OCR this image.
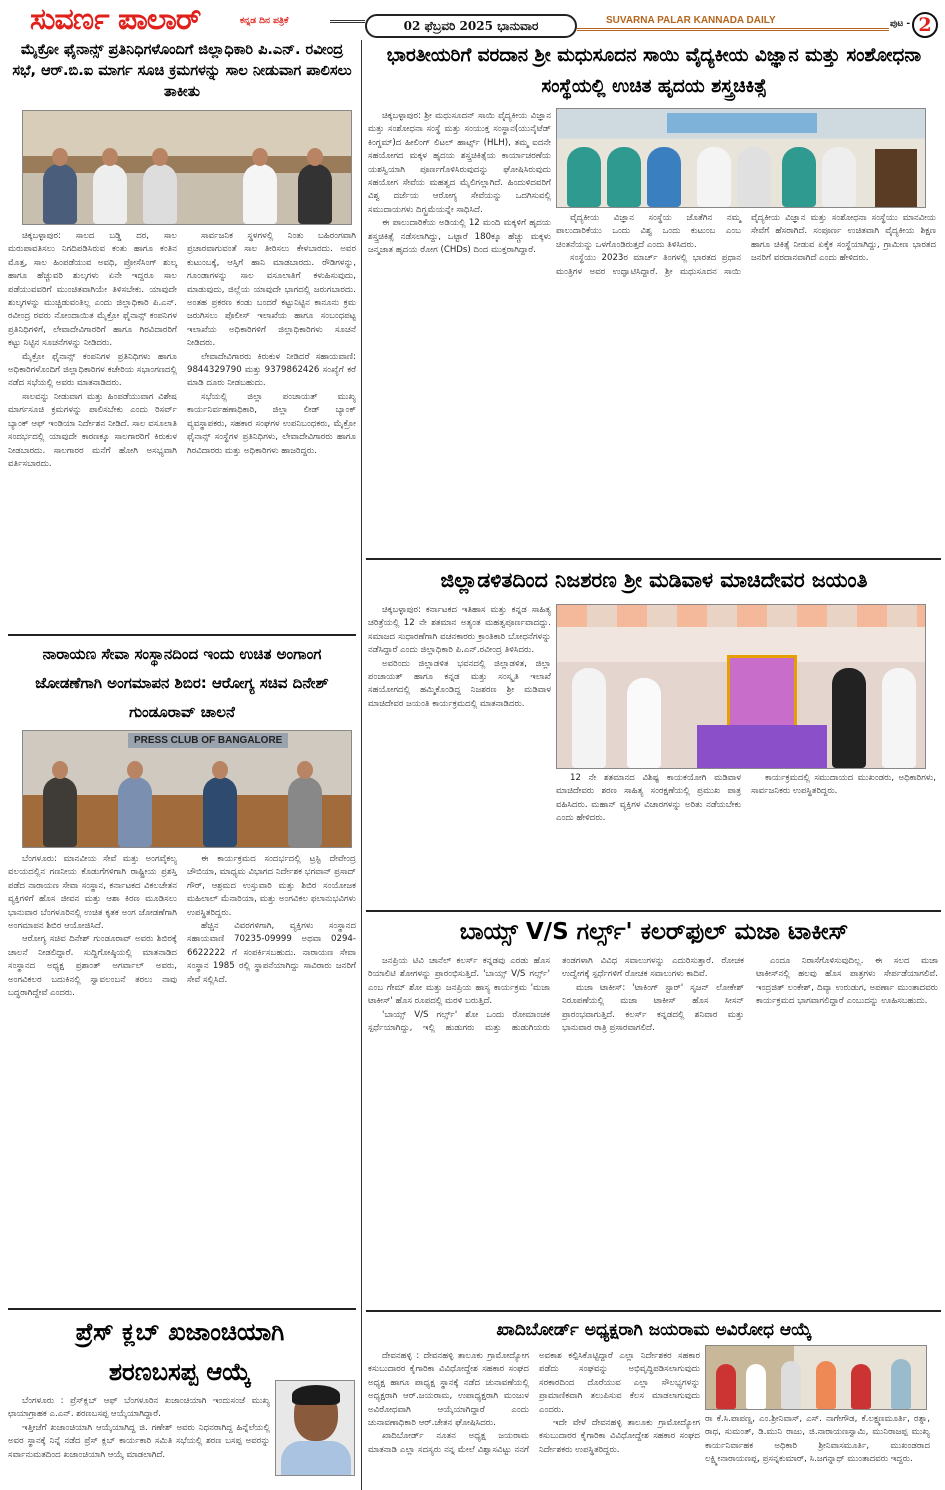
ಸುವರ್ಣ ಪಾಲಾರ್	ಕನ್ನಡ ದಿನ ಪತ್ರಿಕೆ	02 ಫೆಬ್ರವರಿ 2025 ಭಾನುವಾರ	SUVARNA PALAR KANNADA DAILY	ಪುಟ - 2
ಮೈಕ್ರೋ ಫೈನಾನ್ಸ್ ಪ್ರತಿನಿಧಿಗಳೊಂದಿಗೆ ಜಿಲ್ಲಾಧಿಕಾರಿ ಪಿ.ಎನ್. ರವೀಂದ್ರ ಸಭೆ, ಆರ್.ಬಿ.ಐ ಮಾರ್ಗ ಸೂಚಿ ಕ್ರಮಗಳನ್ನು ಸಾಲ ನೀಡುವಾಗ ಪಾಲಿಸಲು ತಾಕೀತು

ಚಿಕ್ಕಬಳ್ಳಾಪುರ: ಸಾಲದ ಬಡ್ಡಿ ದರ, ಸಾಲ ಮರುಪಾವತಿಸಲು ನಿಗದಿಪಡಿಸಿರುವ ಕಂತು ಹಾಗೂ ಕಂತಿನ ಮೊತ್ತ, ಸಾಲ ಹಿಂಪಡೆಯುವ ಅವಧಿ, ಪ್ರೋಸೆಸಿಂಗ್ ಶುಲ್ಕ ಹಾಗೂ ಹೆಚ್ಚುವರಿ ಶುಲ್ಕಗಳು ಏನೇ ಇದ್ದರೂ ಸಾಲ ಪಡೆಯುವವರಿಗೆ ಮುಂಚಿತವಾಗಿಯೇ ತಿಳಿಸಬೇಕು. ಯಾವುದೇ ಶುಲ್ಕಗಳನ್ನು ಮುಚ್ಚಿಡುವಂತಿಲ್ಲ ಎಂದು ಜಿಲ್ಲಾಧಿಕಾರಿ ಪಿ.ಎನ್. ರವೀಂದ್ರ ರವರು ನೋಂದಾಯಿತ ಮೈಕ್ರೋ ಫೈನಾನ್ಸ್ ಕಂಪನಿಗಳ ಪ್ರತಿನಿಧಿಗಳಿಗೆ, ಲೇವಾದೇವಿಗಾರರಿಗೆ ಹಾಗೂ ಗಿರವಿದಾರರಿಗೆ ಕಟ್ಟು ನಿಟ್ಟಿನ ಸೂಚನೆಗಳನ್ನು ನೀಡಿದರು.

ಮೈಕ್ರೋ ಫೈನಾನ್ಸ್ ಕಂಪನಿಗಳ ಪ್ರತಿನಿಧಿಗಳು ಹಾಗೂ ಅಧಿಕಾರಿಗಳೊಂದಿಗೆ ಜಿಲ್ಲಾಧಿಕಾರಿಗಳ ಕಚೇರಿಯ ಸಭಾಂಗಣದಲ್ಲಿ ನಡೆದ ಸಭೆಯಲ್ಲಿ ಅವರು ಮಾತನಾಡಿದರು.

ಸಾಲವನ್ನು ನೀಡುವಾಗ ಮತ್ತು ಹಿಂಪಡೆಯುವಾಗ ವಿಶೇಷ ಮಾರ್ಗಸೂಚಿ ಕ್ರಮಗಳನ್ನು ಪಾಲಿಸಬೇಕು ಎಂದು ರಿಸರ್ವ್ ಬ್ಯಾಂಕ್ ಆಫ್ ಇಂಡಿಯಾ ನಿರ್ದೇಶನ ನೀಡಿದೆ. ಸಾಲ ವಸೂಲಾತಿ ಸಂದರ್ಭದಲ್ಲಿ ಯಾವುದೇ ಕಾರಣಕ್ಕೂ ಸಾಲಗಾರರಿಗೆ ಕಿರುಕುಳ ನೀಡಬಾರದು. ಸಾಲಗಾರರ ಮನೆಗೆ ಹೋಗಿ ಅಸಭ್ಯವಾಗಿ ವರ್ತಿಸಬಾರದು.

ಸಾರ್ವಜನಿಕ ಸ್ಥಳಗಳಲ್ಲಿ ನಿಂತು ಬಹಿರಂಗವಾಗಿ ಪ್ರಚಾರವಾಗುವಂತೆ ಸಾಲ ತೀರಿಸಲು ಕೇಳಬಾರದು. ಅವರ ಕುಟುಂಬಕ್ಕೆ, ಆಸ್ತಿಗೆ ಹಾನಿ ಮಾಡಬಾರದು. ರೌಡಿಗಳನ್ನು, ಗೂಂಡಾಗಳನ್ನು ಸಾಲ ವಸೂಲಾತಿಗೆ ಕಳುಹಿಸುವುದು, ಮಾಡುವುದು, ಜಿಲ್ಲೆಯ ಯಾವುದೇ ಭಾಗದಲ್ಲಿ ಜರುಗಬಾರದು. ಅಂತಹ ಪ್ರಕರಣ ಕಂಡು ಬಂದರೆ ಕಟ್ಟುನಿಟ್ಟಿನ ಕಾನೂನು ಕ್ರಮ ಜರುಗಿಸಲು ಪೊಲೀಸ್ ಇಲಾಖೆಯ ಹಾಗೂ ಸಂಬಂಧಪಟ್ಟ ಇಲಾಖೆಯ ಅಧಿಕಾರಿಗಳಿಗೆ ಜಿಲ್ಲಾಧಿಕಾರಿಗಳು ಸೂಚನೆ ನೀಡಿದರು.

ಲೇವಾದೇವಿಗಾರರು ಕಿರುಕುಳ ನೀಡಿದರೆ ಸಹಾಯವಾಣಿ: 9844329790 ಮತ್ತು 9379862426 ಸಂಖ್ಯೆಗೆ ಕರೆ ಮಾಡಿ ದೂರು ನೀಡಬಹುದು.

ಸಭೆಯಲ್ಲಿ ಜಿಲ್ಲಾ ಪಂಚಾಯತ್ ಮುಖ್ಯ ಕಾರ್ಯನಿರ್ವಹಣಾಧಿಕಾರಿ, ಜಿಲ್ಲಾ ಲೀಡ್ ಬ್ಯಾಂಕ್ ವ್ಯವಸ್ಥಾಪಕರು, ಸಹಕಾರ ಸಂಘಗಳ ಉಪನಿಬಂಧಕರು, ಮೈಕ್ರೋ ಫೈನಾನ್ಸ್ ಸಂಸ್ಥೆಗಳ ಪ್ರತಿನಿಧಿಗಳು, ಲೇವಾದೇವಿಗಾರರು ಹಾಗೂ ಗಿರವಿದಾರರು ಮತ್ತು ಅಧಿಕಾರಿಗಳು ಹಾಜರಿದ್ದರು.

ನಾರಾಯಣ ಸೇವಾ ಸಂಸ್ಥಾನದಿಂದ ಇಂದು ಉಚಿತ ಅಂಗಾಂಗ ಜೋಡಣೆಗಾಗಿ ಅಂಗಮಾಪನ ಶಿಬಿರ: ಆರೋಗ್ಯ ಸಚಿವ ದಿನೇಶ್ ಗುಂಡೂರಾವ್ ಚಾಲನೆ
PRESS CLUB OF BANGALORE

ಬೆಂಗಳೂರು: ಮಾನವೀಯ ಸೇವೆ ಮತ್ತು ಅಂಗವೈಕಲ್ಯ ವಲಯದಲ್ಲಿನ ಗಣನೀಯ ಕೊಡುಗೆಗಳಿಗಾಗಿ ರಾಷ್ಟ್ರೀಯ ಪ್ರಶಸ್ತಿ ಪಡೆದ ನಾರಾಯಣ ಸೇವಾ ಸಂಸ್ಥಾನ, ಕರ್ನಾಟಕದ ವಿಕಲಚೇತನ ವ್ಯಕ್ತಿಗಳಿಗೆ ಹೊಸ ಜೀವನ ಮತ್ತು ಆಶಾ ಕಿರಣ ಮೂಡಿಸಲು ಭಾನುವಾರ ಬೆಂಗಳೂರಿನಲ್ಲಿ ಉಚಿತ ಕೃತಕ ಅಂಗ ಜೋಡಣೆಗಾಗಿ ಅಂಗಮಾಪನ ಶಿಬಿರ ಆಯೋಜಿಸಿದೆ.

ಆರೋಗ್ಯ ಸಚಿವ ದಿನೇಶ್ ಗುಂಡೂರಾವ್ ಅವರು ಶಿಬಿರಕ್ಕೆ ಚಾಲನೆ ನೀಡಲಿದ್ದಾರೆ. ಸುದ್ದಿಗೋಷ್ಠಿಯಲ್ಲಿ ಮಾತನಾಡಿದ ಸಂಸ್ಥಾನದ ಅಧ್ಯಕ್ಷ ಪ್ರಶಾಂತ್ ಅಗರ್ವಾಲ್ ಅವರು, ಅಂಗವಿಕಲರ ಬದುಕಿನಲ್ಲಿ ಸ್ವಾವಲಂಬನೆ ತರಲು ನಾವು ಬದ್ಧರಾಗಿದ್ದೇವೆ ಎಂದರು.

ಈ ಕಾರ್ಯಕ್ರಮದ ಸಂದರ್ಭದಲ್ಲಿ ಟ್ರಸ್ಟಿ ದೇವೇಂದ್ರ ಚೌಬಿಯಾ, ಮಾಧ್ಯಮ ವಿಭಾಗದ ನಿರ್ದೇಶಕ ಭಗವಾನ್ ಪ್ರಸಾದ್ ಗೌರ್, ಆಶ್ರಮದ ಉಸ್ತುವಾರಿ ಮತ್ತು ಶಿಬಿರ ಸಂಯೋಜಕ ಮಹಿಲಾಲ್ ಮೆನಾರಿಯಾ, ಮತ್ತು ಅಂಗವಿಕಲ ಫಲಾನುಭವಿಗಳು ಉಪಸ್ಥಿತರಿದ್ದರು.

ಹೆಚ್ಚಿನ ವಿವರಗಳಿಗಾಗಿ, ವ್ಯಕ್ತಿಗಳು ಸಂಸ್ಥಾನದ ಸಹಾಯವಾಣಿ 70235-09999 ಅಥವಾ 0294-6622222 ಗೆ ಸಂಪರ್ಕಿಸಬಹುದು. ನಾರಾಯಣ ಸೇವಾ ಸಂಸ್ಥಾನ 1985 ರಲ್ಲಿ ಸ್ಥಾಪನೆಯಾಗಿದ್ದು ಸಾವಿರಾರು ಜನರಿಗೆ ಸೇವೆ ಸಲ್ಲಿಸಿದೆ.

ಪ್ರೆಸ್ ಕ್ಲಬ್ ಖಜಾಂಚಿಯಾಗಿ ಶರಣಬಸಪ್ಪ ಆಯ್ಕೆ

ಬೆಂಗಳೂರು : ಪ್ರೆಸ್‌ಕ್ಲಬ್ ಆಫ್ ಬೆಂಗಳೂರಿನ ಖಜಾಂಚಿಯಾಗಿ ಇಂದುಸಂಜೆ ಮುಖ್ಯ ಛಾಯಾಗ್ರಾಹಕ ಎ.ಎನ್. ಶರಣಬಸಪ್ಪ ಆಯ್ಕೆಯಾಗಿದ್ದಾರೆ.

ಇತ್ತೀಚೆಗೆ ಖಜಾಂಚಿಯಾಗಿ ಆಯ್ಕೆಯಾಗಿದ್ದ ಜಿ. ಗಣೇಶ್ ಅವರು ನಿಧನರಾಗಿದ್ದ ಹಿನ್ನೆಲೆಯಲ್ಲಿ ಅವರ ಸ್ಥಾನಕ್ಕೆ ನಿನ್ನೆ ನಡೆದ ಪ್ರೆಸ್ ಕ್ಲಬ್ ಕಾರ್ಯಕಾರಿ ಸಮಿತಿ ಸಭೆಯಲ್ಲಿ ಶರಣ ಬಸಪ್ಪ ಅವರನ್ನು ಸರ್ವಾನುಮತದಿಂದ ಖಜಾಂಚಿಯಾಗಿ ಆಯ್ಕೆ ಮಾಡಲಾಗಿದೆ.

ಭಾರತೀಯರಿಗೆ ವರದಾನ ಶ್ರೀ ಮಧುಸೂದನ ಸಾಯಿ ವೈದ್ಯಕೀಯ ವಿಜ್ಞಾನ ಮತ್ತು ಸಂಶೋಧನಾ ಸಂಸ್ಥೆಯಲ್ಲಿ ಉಚಿತ ಹೃದಯ ಶಸ್ತ್ರಚಿಕಿತ್ಸೆ

ಚಿಕ್ಕಬಳ್ಳಾಪುರ: ಶ್ರೀ ಮಧುಸೂದನ್ ಸಾಯಿ ವೈದ್ಯಕೀಯ ವಿಜ್ಞಾನ ಮತ್ತು ಸಂಶೋಧನಾ ಸಂಸ್ಥೆ ಮತ್ತು ಸಂಯುಕ್ತ ಸಂಸ್ಥಾನ(ಯುನೈಟೆಡ್ ಕಿಂಗ್ಡಮ್)ದ ಹೀಲಿಂಗ್ ಲಿಟಲ್ ಹಾರ್ಟ್ಸ್ (HLH), ತಮ್ಮ ಐದನೇ ಸಹಯೋಗದ ಮಕ್ಕಳ ಹೃದಯ ಶಸ್ತ್ರಚಿಕಿತ್ಸೆಯ ಕಾರ್ಯಾಚರಣೆಯ ಯಶಸ್ವಿಯಾಗಿ ಪೂರ್ಣಗೊಳಿಸಿರುವುದನ್ನು ಘೋಷಿಸಿರುವುದು ಸಹಯೋಗ ಸೇವೆಯ ಮಹತ್ವದ ಮೈಲಿಗಲ್ಲಾಗಿದೆ. ಹಿಂದುಳಿದವರಿಗೆ ವಿಶ್ವ ದರ್ಜೆಯ ಆರೋಗ್ಯ ಸೇವೆಯನ್ನು ಒದಗಿಸುವಲ್ಲಿ ಸಮುದಾಯಗಳು ದಿಗ್ಭ್ರಮೆಯನ್ನೇ ಸಾಧಿಸಿದೆ.

ಈ ಪಾಲುದಾರಿಕೆಯ ಅಡಿಯಲ್ಲಿ 12 ಮಂದಿ ಮಕ್ಕಳಿಗೆ ಹೃದಯ ಶಸ್ತ್ರಚಿಕಿತ್ಸೆ ನಡೆಸಲಾಗಿದ್ದು, ಒಟ್ಟಾರೆ 180ಕ್ಕೂ ಹೆಚ್ಚು ಮಕ್ಕಳು ಜನ್ಮಜಾತ ಹೃದಯ ರೋಗ (CHDs) ದಿಂದ ಮುಕ್ತರಾಗಿದ್ದಾರೆ.

ವೈದ್ಯಕೀಯ ವಿಜ್ಞಾನ ಸಂಸ್ಥೆಯ ಜೊತೆಗಿನ ನಮ್ಮ ಪಾಲುದಾರಿಕೆಯು ಒಂದು ವಿಶ್ವ ಒಂದು ಕುಟುಂಬ ಎಂಬ ಚಿಂತನೆಯನ್ನು ಒಳಗೊಂಡಿರುತ್ತದೆ ಎಂದು ತಿಳಿಸಿದರು.

ಸಂಸ್ಥೆಯು 2023ರ ಮಾರ್ಚ್ ತಿಂಗಳಲ್ಲಿ ಭಾರತದ ಪ್ರಧಾನ ಮಂತ್ರಿಗಳ ಅವರ ಉದ್ಘಾಟಿಸಿದ್ದಾರೆ. ಶ್ರೀ ಮಧುಸೂದನ ಸಾಯಿ ವೈದ್ಯಕೀಯ ವಿಜ್ಞಾನ ಮತ್ತು ಸಂಶೋಧನಾ ಸಂಸ್ಥೆಯು ಮಾನವೀಯ ಸೇವೆಗೆ ಹೆಸರಾಗಿದೆ. ಸಂಪೂರ್ಣ ಉಚಿತವಾಗಿ ವೈದ್ಯಕೀಯ ಶಿಕ್ಷಣ ಹಾಗೂ ಚಿಕಿತ್ಸೆ ನೀಡುವ ಏಕೈಕ ಸಂಸ್ಥೆಯಾಗಿದ್ದು, ಗ್ರಾಮೀಣ ಭಾರತದ ಜನರಿಗೆ ವರದಾನವಾಗಿದೆ ಎಂದು ಹೇಳಿದರು.

ಜಿಲ್ಲಾಡಳಿತದಿಂದ ನಿಜಶರಣ ಶ್ರೀ ಮಡಿವಾಳ ಮಾಚಿದೇವರ ಜಯಂತಿ

ಚಿಕ್ಕಬಳ್ಳಾಪುರ: ಕರ್ನಾಟಕದ ಇತಿಹಾಸ ಮತ್ತು ಕನ್ನಡ ಸಾಹಿತ್ಯ ಚರಿತ್ರೆಯಲ್ಲಿ 12 ನೇ ಶತಮಾನ ಅತ್ಯಂತ ಮಹತ್ವಪೂರ್ಣವಾದದ್ದು. ಸಮಾಜದ ಸುಧಾರಣೆಗಾಗಿ ವಚನಕಾರರು ಕ್ರಾಂತಿಕಾರಿ ಬೋಧನೆಗಳನ್ನು ನಡೆಸಿದ್ದಾರೆ ಎಂದು ಜಿಲ್ಲಾಧಿಕಾರಿ ಪಿ.ಎನ್.ರವೀಂದ್ರ ತಿಳಿಸಿದರು.

ಅವರಿಂದು ಜಿಲ್ಲಾಡಳಿತ ಭವನದಲ್ಲಿ ಜಿಲ್ಲಾಡಳಿತ, ಜಿಲ್ಲಾ ಪಂಚಾಯತ್ ಹಾಗೂ ಕನ್ನಡ ಮತ್ತು ಸಂಸ್ಕೃತಿ ಇಲಾಖೆ ಸಹಯೋಗದಲ್ಲಿ ಹಮ್ಮಿಕೊಂಡಿದ್ದ ನಿಜಶರಣ ಶ್ರೀ ಮಡಿವಾಳ ಮಾಚಿದೇವರ ಜಯಂತಿ ಕಾರ್ಯಕ್ರಮದಲ್ಲಿ ಮಾತನಾಡಿದರು.

12 ನೇ ಶತಮಾನದ ವಿಶಿಷ್ಟ ಕಾಯಕಯೋಗಿ ಮಡಿವಾಳ ಮಾಚಿದೇವರು ಶರಣ ಸಾಹಿತ್ಯ ಸಂರಕ್ಷಣೆಯಲ್ಲಿ ಪ್ರಮುಖ ಪಾತ್ರ ವಹಿಸಿದರು. ಮಹಾನ್ ವ್ಯಕ್ತಿಗಳ ವಿಚಾರಗಳನ್ನು ಅರಿತು ನಡೆಯಬೇಕು ಎಂದು ಹೇಳಿದರು.

ಕಾರ್ಯಕ್ರಮದಲ್ಲಿ ಸಮುದಾಯದ ಮುಖಂಡರು, ಅಧಿಕಾರಿಗಳು, ಸಾರ್ವಜನಿಕರು ಉಪಸ್ಥಿತರಿದ್ದರು.

ಬಾಯ್ಸ್ V/S ಗರ್ಲ್ಸ್' ಕಲರ್‌ಫುಲ್ ಮಜಾ ಟಾಕೀಸ್

ಜನಪ್ರಿಯ ಟಿವಿ ಚಾನೆಲ್ ಕಲರ್ಸ್ ಕನ್ನಡವು ಎರಡು ಹೊಸ ರಿಯಾಲಿಟಿ ಶೋಗಳನ್ನು ಪ್ರಾರಂಭಿಸುತ್ತಿದೆ. 'ಬಾಯ್ಸ್ V/S ಗರ್ಲ್ಸ್' ಎಂಬ ಗೇಮ್ ಶೋ ಮತ್ತು ಜನಪ್ರಿಯ ಹಾಸ್ಯ ಕಾರ್ಯಕ್ರಮ 'ಮಜಾ ಟಾಕೀಸ್' ಹೊಸ ರೂಪದಲ್ಲಿ ಮರಳಿ ಬರುತ್ತಿದೆ.

'ಬಾಯ್ಸ್ V/S ಗರ್ಲ್ಸ್' ಶೋ ಒಂದು ರೋಮಾಂಚಕ ಸ್ಪರ್ಧೆಯಾಗಿದ್ದು, ಇಲ್ಲಿ ಹುಡುಗರು ಮತ್ತು ಹುಡುಗಿಯರು ತಂಡಗಳಾಗಿ ವಿವಿಧ ಸವಾಲುಗಳನ್ನು ಎದುರಿಸುತ್ತಾರೆ. ರೋಚಕ ಉದ್ವೇಗಕ್ಕೆ ಸ್ಪರ್ಧೆಗಳಿಗೆ ರೋಚಕ ಸವಾಲುಗಳು ಕಾದಿವೆ.

ಮಜಾ ಟಾಕೀಸ್: 'ಟಾಕಿಂಗ್ ಸ್ಟಾರ್' ಸೃಜನ್ ಲೋಕೇಶ್ ನಿರೂಪಣೆಯಲ್ಲಿ ಮಜಾ ಟಾಕೀಸ್ ಹೊಸ ಸೀಸನ್ ಪ್ರಾರಂಭವಾಗುತ್ತಿದೆ. ಕಲರ್ಸ್ ಕನ್ನಡದಲ್ಲಿ ಶನಿವಾರ ಮತ್ತು ಭಾನುವಾರ ರಾತ್ರಿ ಪ್ರಸಾರವಾಗಲಿದೆ.

ಎಂದೂ ನಿರಾಸೆಗೊಳಿಸುವುದಿಲ್ಲ. ಈ ಸಲದ ಮಜಾ ಟಾಕೀಸ್‌ನಲ್ಲಿ ಹಲವು ಹೊಸ ಪಾತ್ರಗಳು ಸೇರ್ಪಡೆಯಾಗಲಿವೆ. ಇಂದ್ರಜಿತ್ ಲಂಕೇಶ್, ದಿವ್ಯಾ ಉರುಡುಗ, ಅಪರ್ಣಾ ಮುಂತಾದವರು ಕಾರ್ಯಕ್ರಮದ ಭಾಗವಾಗಲಿದ್ದಾರೆ ಎಂಬುದನ್ನು ಊಹಿಸಬಹುದು.

ಖಾದಿಬೋರ್ಡ್ ಅಧ್ಯಕ್ಷರಾಗಿ ಜಯರಾಮ ಅವಿರೋಧ ಆಯ್ಕೆ

ದೇವನಹಳ್ಳಿ : ದೇವನಹಳ್ಳಿ ತಾಲೂಕು ಗ್ರಾಮೋದ್ಯೋಗ ಕಸುಬುದಾರರ ಕೈಗಾರಿಕಾ ವಿವಿಧೋದ್ದೇಶ ಸಹಕಾರ ಸಂಘದ ಅಧ್ಯಕ್ಷ ಹಾಗೂ ಪಾಧ್ಯಕ್ಷ ಸ್ಥಾನಕ್ಕೆ ನಡೆದ ಚುನಾವಣೆಯಲ್ಲಿ ಅಧ್ಯಕ್ಷರಾಗಿ ಆರ್.ಜಯರಾಮ, ಉಪಾಧ್ಯಕ್ಷರಾಗಿ ಮಂಜುಳ ಅವಿರೋಧವಾಗಿ ಆಯ್ಕೆಯಾಗಿದ್ದಾರೆ ಎಂದು ಚುನಾವಣಾಧಿಕಾರಿ ಆರ್.ಚೇತನ ಘೋಷಿಸಿದರು.

ಖಾದಿಬೋರ್ಡ್ ನೂತನ ಅಧ್ಯಕ್ಷ ಜಯರಾಮ ಮಾತನಾಡಿ ಎಲ್ಲಾ ಸದಸ್ಯರು ನನ್ನ ಮೇಲೆ ವಿಶ್ವಾಸವಿಟ್ಟು ನನಗೆ ಅವಕಾಶ ಕಲ್ಪಿಸಿಕೊಟ್ಟಿದ್ದಾರೆ ಎಲ್ಲಾ ನಿರ್ದೇಶಕರ ಸಹಕಾರ ಪಡೆದು ಸಂಘವನ್ನು ಅಭಿವೃದ್ಧಿಪಡಿಸಲಾಗುವುದು ಸರಕಾರದಿಂದ ದೊರೆಯುವ ಎಲ್ಲಾ ಸೌಲಭ್ಯಗಳನ್ನು ಪ್ರಾಮಾಣಿಕವಾಗಿ ತಲುಪಿಸುವ ಕೆಲಸ ಮಾಡಲಾಗುವುದು ಎಂದರು.

ಇದೇ ವೇಳೆ ದೇವನಹಳ್ಳಿ ತಾಲೂಕು ಗ್ರಾಮೋದ್ಯೋಗ ಕಸುಬುದಾರರ ಕೈಗಾರಿಕಾ ವಿವಿಧೋದ್ದೇಶ ಸಹಕಾರ ಸಂಘದ ನಿರ್ದೇಶಕರು ಉಪಸ್ಥಿತರಿದ್ದರು.

ರಾ ಕೆ.ಸಿ.ಪಾಪಣ್ಣ, ಎಂ.ಶ್ರೀನಿವಾಸ್, ಎಸ್. ನಾಗೇಗೌಡ, ಕೆ.ಲಕ್ಷ್ಮಣಮೂರ್ತಿ, ರತ್ನಾ, ರಾಧ, ಸುಮಂತ್, ಡಿ.ಮುನಿ ರಾಜು, ಜಿ.ನಾರಾಯಣಸ್ವಾಮಿ, ಮುನಿರಾಜಪ್ಪ ಮುಖ್ಯ ಕಾರ್ಯನಿರ್ವಾಹಕ ಅಧಿಕಾರಿ ಶ್ರೀನಿವಾಸಮೂರ್ತಿ, ಮುಖಂಡರಾದ ಲಕ್ಷ್ಮೀನಾರಾಯಣಪ್ಪ, ಪ್ರಸನ್ನಕುಮಾರ್, ಸಿ.ಜಗನ್ನಾಥ್ ಮುಂತಾದವರು ಇದ್ದರು.
